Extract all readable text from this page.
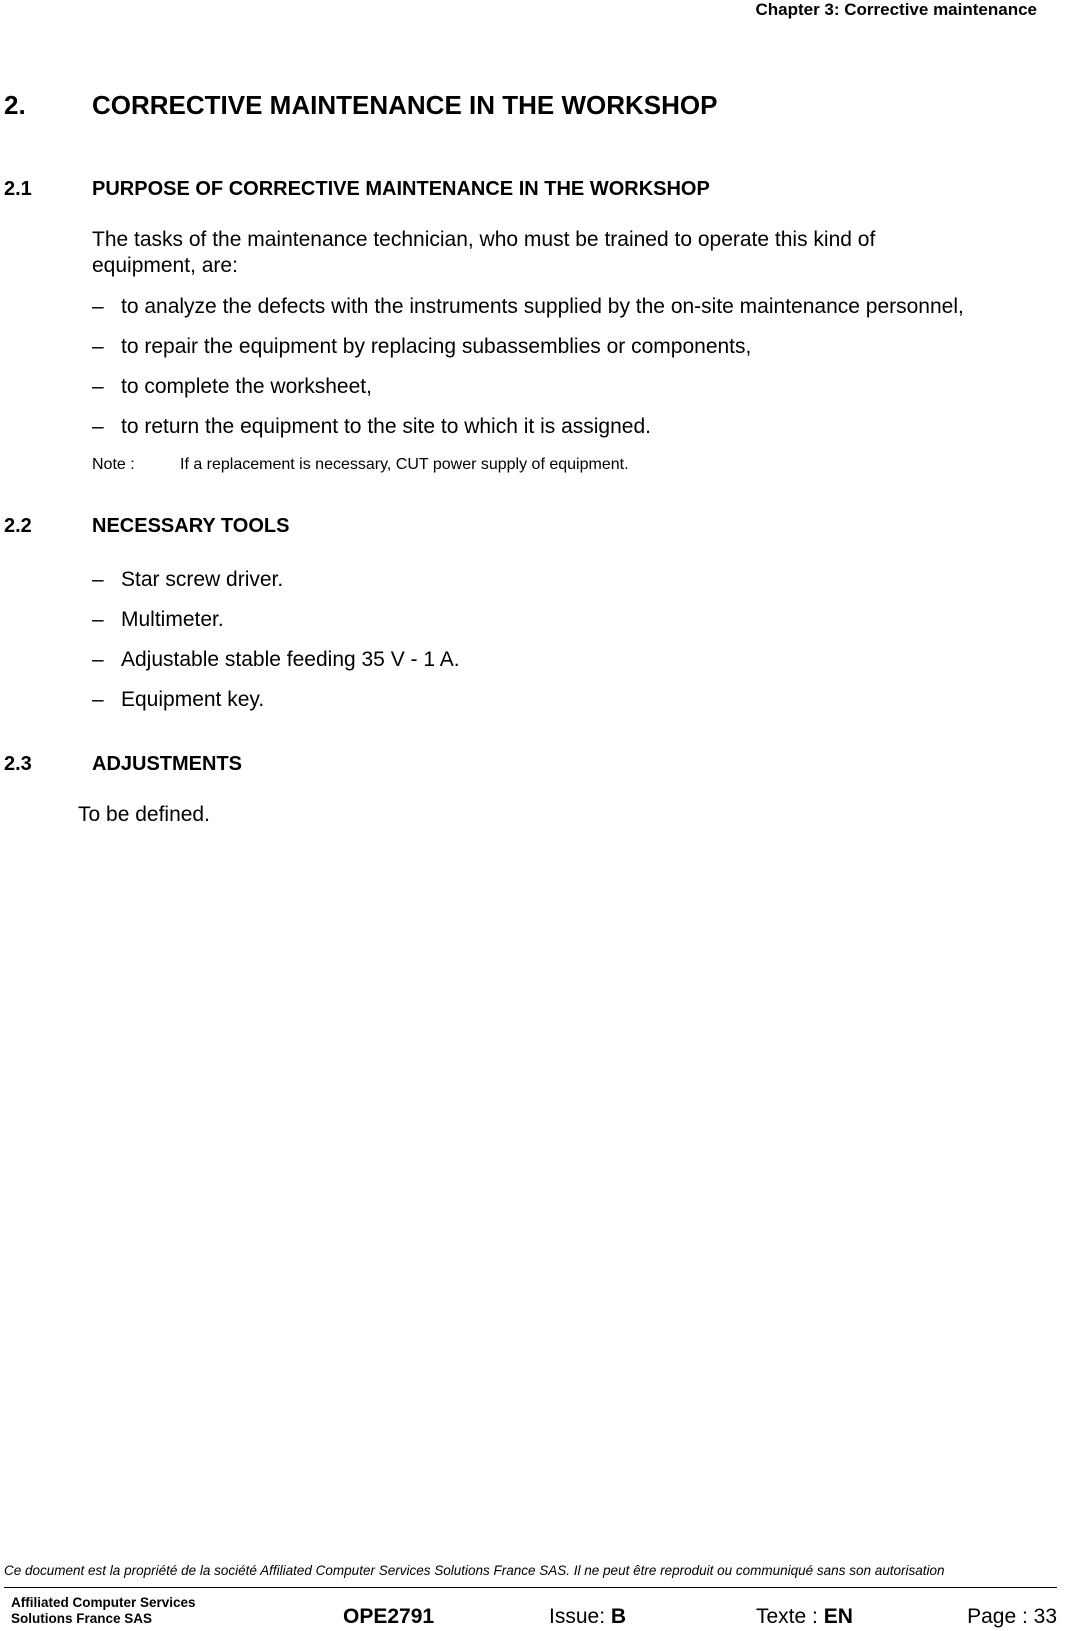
Chapter 3: Corrective maintenance
2.	CORRECTIVE MAINTENANCE IN THE WORKSHOP
2.1	PURPOSE OF CORRECTIVE MAINTENANCE IN THE WORKSHOP
The tasks of the maintenance technician, who must be trained to operate this kind of
equipment, are:
– to analyze the defects with the instruments supplied by the on-site maintenance personnel,
– to repair the equipment by replacing subassemblies or components,
– to complete the worksheet,
– to return the equipment to the site to which it is assigned.
Note :	If a replacement is necessary, CUT power supply of equipment.
2.2	NECESSARY TOOLS
– Star screw driver.
– Multimeter.
– Adjustable stable feeding 35 V - 1 A.
– Equipment key.
2.3	ADJUSTMENTS
To be defined.
Ce document est la propriété de la société Affiliated Computer Services Solutions France SAS. Il ne peut être reproduit ou communiqué sans son autorisation
Affiliated Computer Services
Solutions France SAS	OPE2791	Issue: B	Texte : EN	Page : 33
